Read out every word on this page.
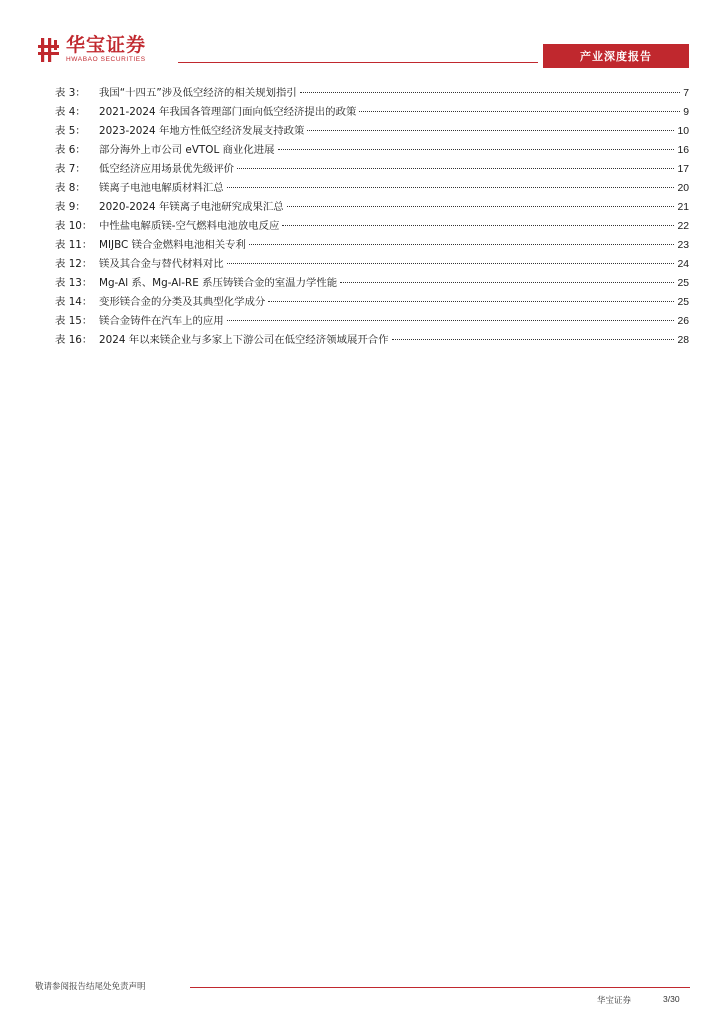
华宝证券
HWABAO SECURITIES	产业深度报告
表 3：	我国“十四五”涉及低空经济的相关规划指引	7
表 4：	2021-2024 年我国各管理部门面向低空经济提出的政策	9
表 5：	2023-2024 年地方性低空经济发展支持政策	10
表 6：	部分海外上市公司 eVTOL 商业化进展	16
表 7：	低空经济应用场景优先级评价	17
表 8：	镁离子电池电解质材料汇总	20
表 9：	2020-2024 年镁离子电池研究成果汇总	21
表 10： 中性盐电解质镁-空气燃料电池放电反应	22
表 11： MIJBC 镁合金燃料电池相关专利	23
表 12： 镁及其合金与替代材料对比	24
表 13： Mg-Al 系、Mg-Al-RE 系压铸镁合金的室温力学性能	25
表 14： 变形镁合金的分类及其典型化学成分	25
表 15： 镁合金铸件在汽车上的应用	26
表 16： 2024 年以来镁企业与多家上下游公司在低空经济领域展开合作	28
敬请参阅报告结尾处免责声明
华宝证券	3/30
